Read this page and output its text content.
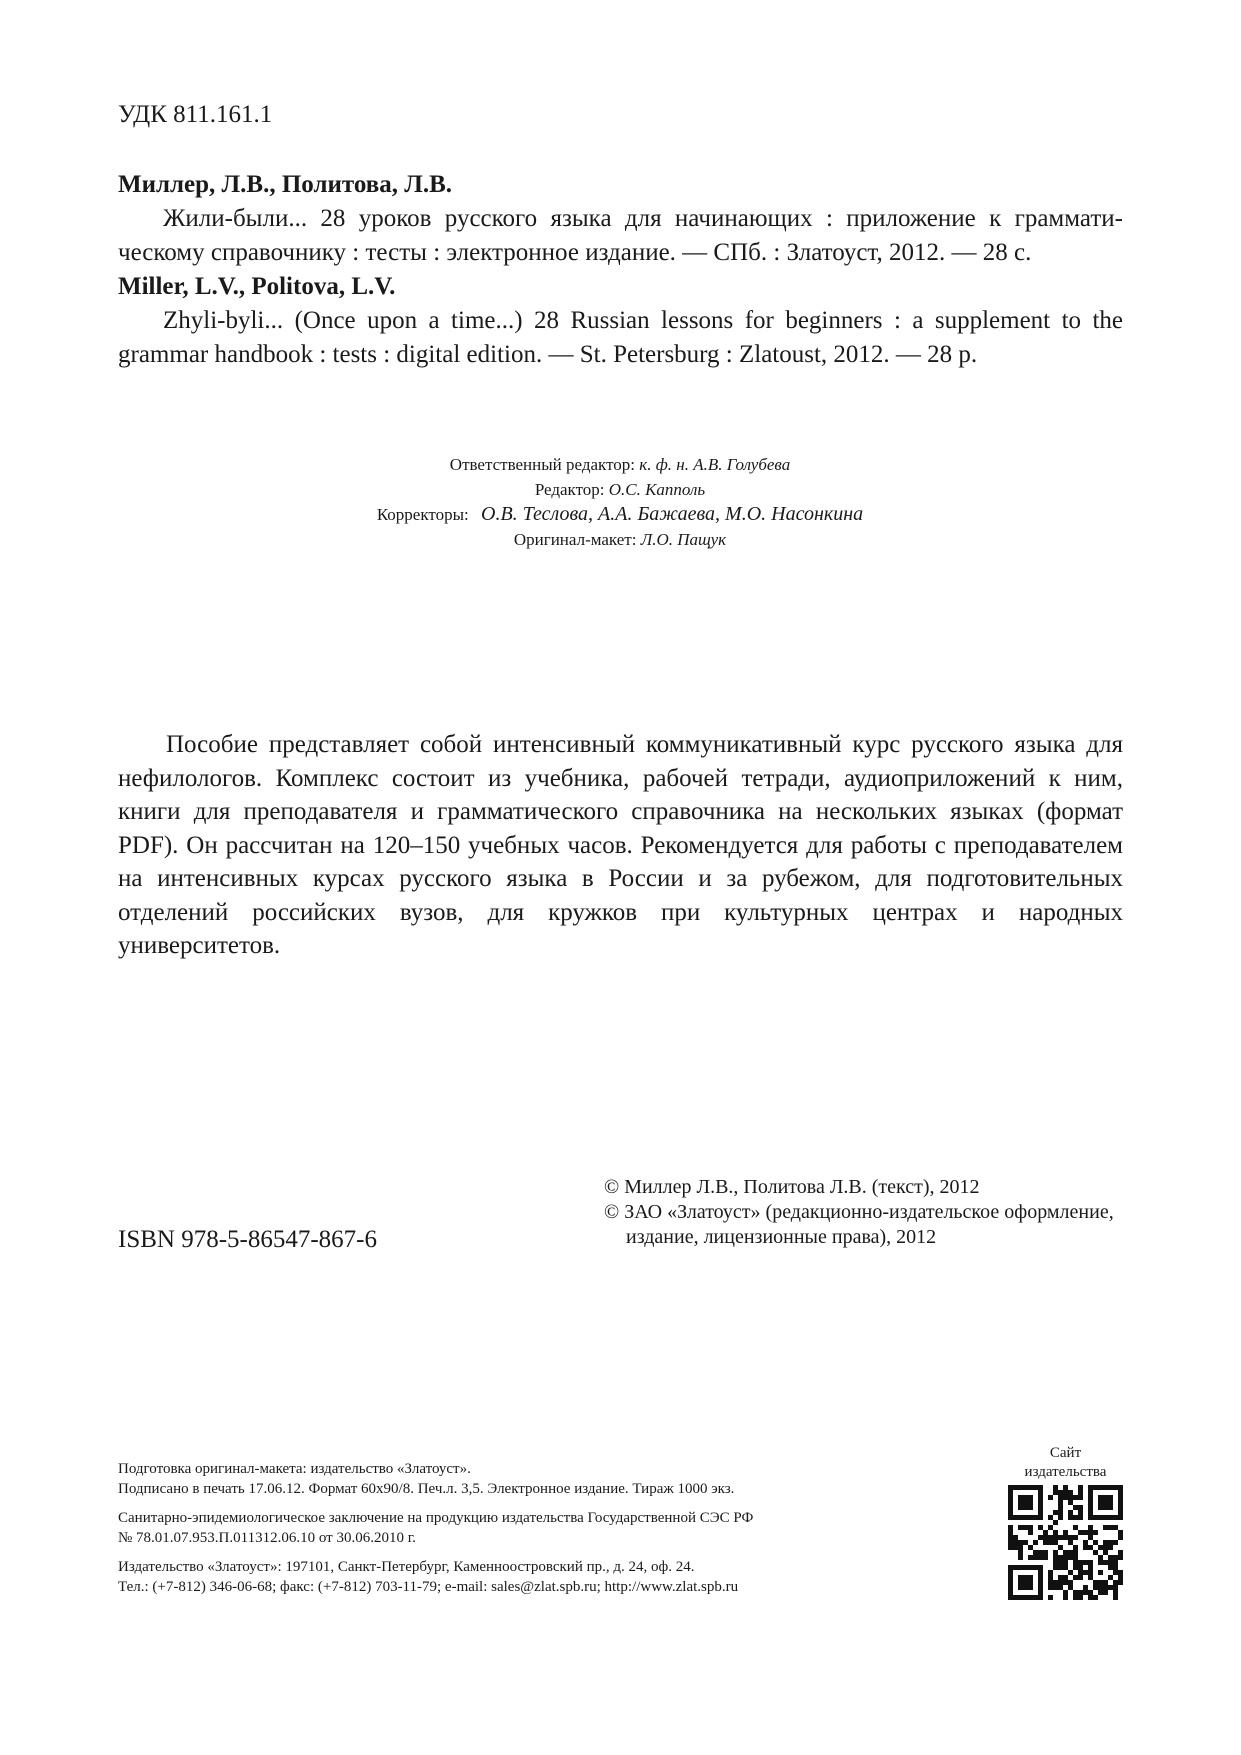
УДК 811.161.1
Миллер, Л.В., Политова, Л.В.
Жили-были... 28 уроков русского языка для начинающих : приложение к грамматическому справочнику : тесты : электронное издание. — СПб. : Златоуст, 2012. — 28 с.
Miller, L.V., Politova, L.V.
Zhyli-byli... (Once upon a time...) 28 Russian lessons for beginners : a supplement to the grammar handbook : tests : digital edition. — St. Petersburg : Zlatoust, 2012. — 28 p.
Ответственный редактор: к. ф. н. А.В. Голубева
Редактор: О.С. Капполь
Корректоры: О.В. Теслова, А.А. Бажаева, М.О. Насонкина
Оригинал-макет: Л.О. Пащук
Пособие представляет собой интенсивный коммуникативный курс русского языка для нефилологов. Комплекс состоит из учебника, рабочей тетради, аудиоприложений к ним, книги для преподавателя и грамматического справочника на нескольких языках (формат PDF). Он рассчитан на 120–150 учебных часов. Рекомендуется для работы с преподавателем на интенсивных курсах русского языка в России и за рубежом, для подготовительных отделений российских вузов, для кружков при культурных центрах и народных университетов.
© Миллер Л.В., Политова Л.В. (текст), 2012
© ЗАО «Златоуст» (редакционно-издательское оформление, издание, лицензионные права), 2012
ISBN 978-5-86547-867-6
Подготовка оригинал-макета: издательство «Златоуст».
Подписано в печать 17.06.12. Формат 60х90/8. Печ.л. 3,5. Электронное издание. Тираж 1000 экз.
Санитарно-эпидемиологическое заключение на продукцию издательства Государственной СЭС РФ
№ 78.01.07.953.П.011312.06.10 от 30.06.2010 г.
Издательство «Златоуст»: 197101, Санкт-Петербург, Каменноостровский пр., д. 24, оф. 24.
Тел.: (+7-812) 346-06-68; факс: (+7-812) 703-11-79; e-mail: sales@zlat.spb.ru; http://www.zlat.spb.ru
Сайт
издательства
